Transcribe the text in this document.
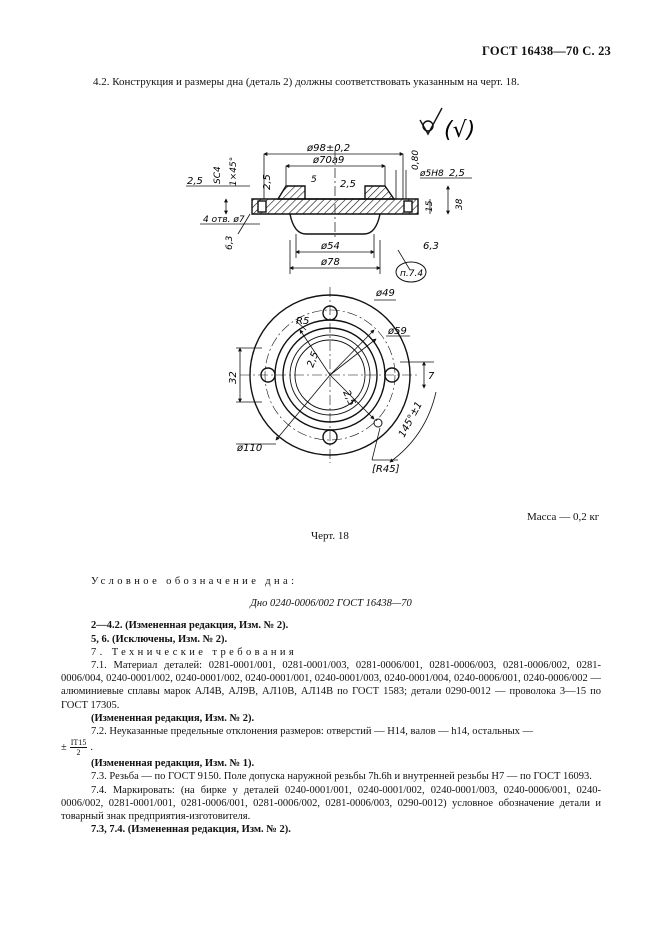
ГОСТ 16438—70 С. 23
4.2. Конструкция и размеры дна (деталь 2) должны соответствовать указанным на черт. 18.
(√)
ø98±0,2
ø70а9
ø54
ø78
ø5Н8
SC4 1×45°
2,5	2,5	2,5
2,5
5
0,80
15 38
6,3	6,3
4 отв. ø7
п.7.4
ø49
ø59
ø110
R5
2,5
2,5
32	7
145°±1
[R45]
Масса — 0,2 кг
Черт. 18

Условное обозначение дна:

Дно 0240-0006/002 ГОСТ 16438—70

2—4.2. (Измененная редакция, Изм. № 2).

5, 6. (Исключены, Изм. № 2).

7. Технические требования

7.1. Материал деталей: 0281-0001/001, 0281-0001/003, 0281-0006/001, 0281-0006/003, 0281-0006/002, 0281-0006/004, 0240-0001/002, 0240-0001/002, 0240-0001/001, 0240-0001/003, 0240-0001/004, 0240-0006/001, 0240-0006/002 — алюминиевые сплавы марок АЛ4В, АЛ9В, АЛ10В, АЛ14В по ГОСТ 1583; детали 0290-0012 — проволока 3—15 по ГОСТ 17305.

(Измененная редакция, Изм. № 2).

7.2. Неуказанные предельные отклонения размеров: отверстий — Н14, валов — h14, остальных —

± $\frac{IT15}{2}$ .

(Измененная редакция, Изм. № 1).

7.3. Резьба — по ГОСТ 9150. Поле допуска наружной резьбы 7h.6h и внутренней резьбы Н7 — по ГОСТ 16093.

7.4. Маркировать: (на бирке у деталей 0240-0001/001, 0240-0001/002, 0240-0001/003, 0240-0006/001, 0240-0006/002, 0281-0001/001, 0281-0006/001, 0281-0006/002, 0281-0006/003, 0290-0012) условное обозначение детали и товарный знак предприятия-изготовителя.

7.3, 7.4. (Измененная редакция, Изм. № 2).
